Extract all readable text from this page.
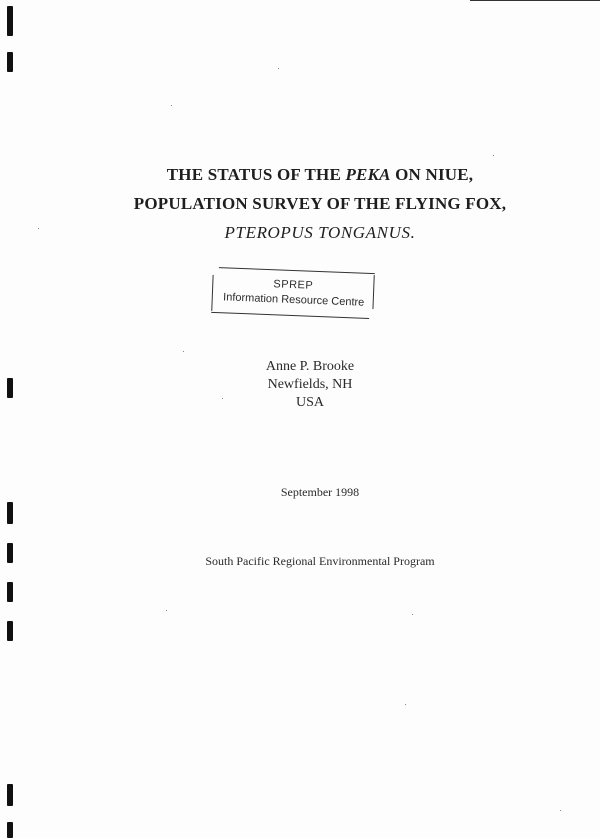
THE STATUS OF THE PEKA ON NIUE,
POPULATION SURVEY OF THE FLYING FOX,
PTEROPUS TONGANUS.
SPREP
Information Resource Centre
Anne P. Brooke
Newfields, NH
USA
September 1998
South Pacific Regional Environmental Program
